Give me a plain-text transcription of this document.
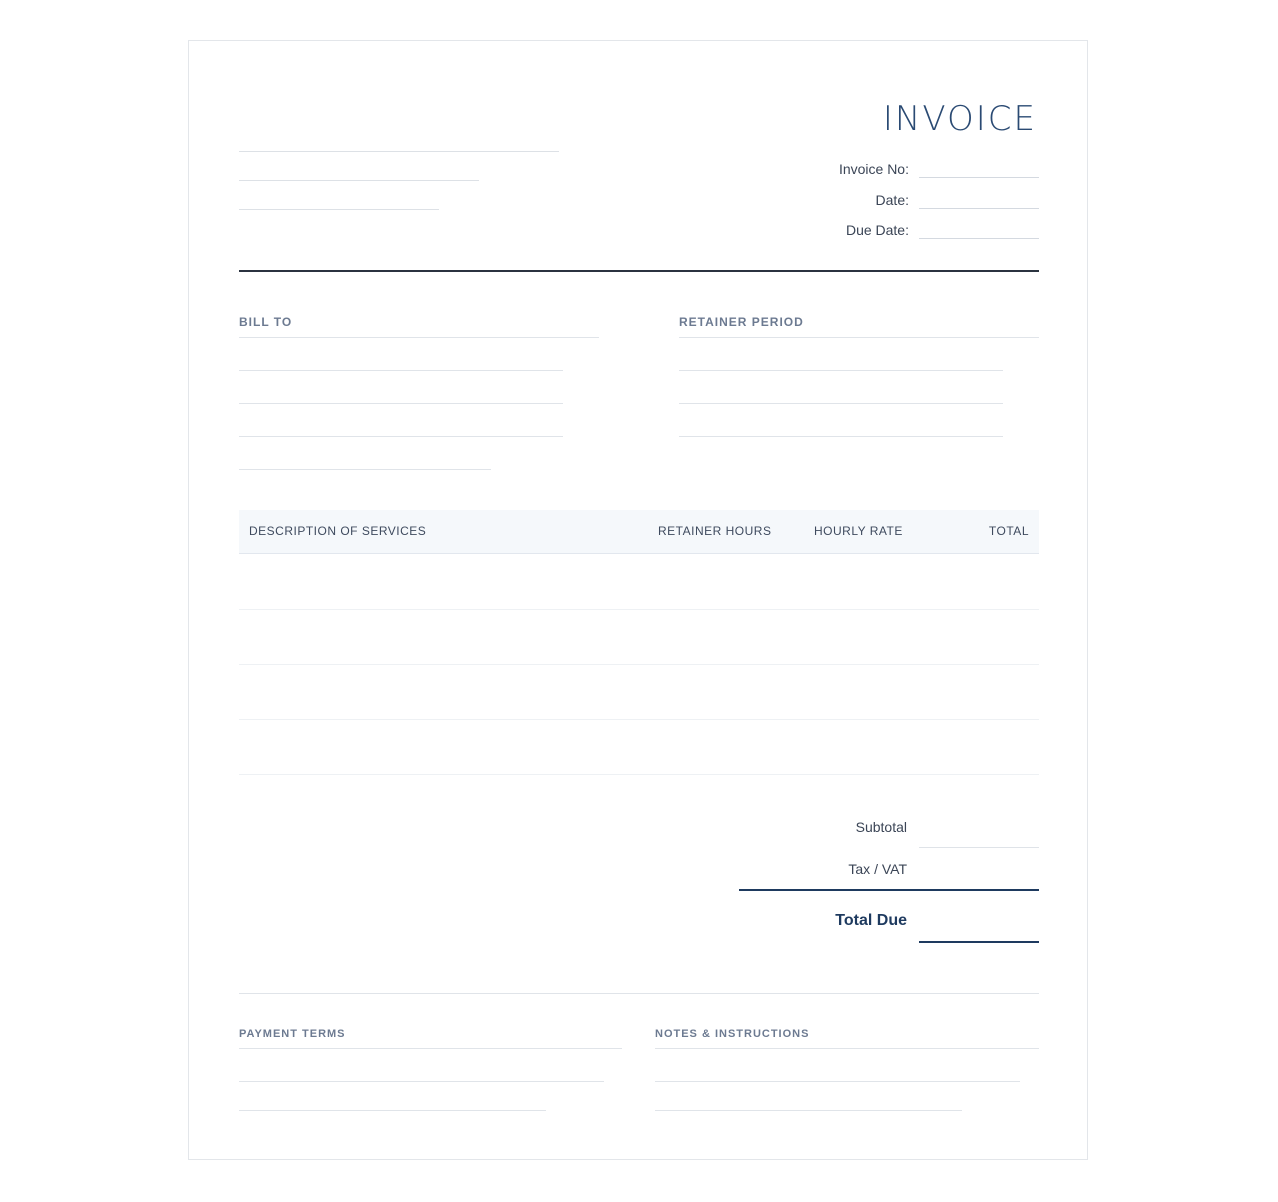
INVOICE
Invoice No:
Date:
Due Date:
BILL TO	RETAINER PERIOD
DESCRIPTION OF SERVICES	RETAINER HOURS	HOURLY RATE	TOTAL
Subtotal
Tax / VAT
Total Due
PAYMENT TERMS	NOTES & INSTRUCTIONS
